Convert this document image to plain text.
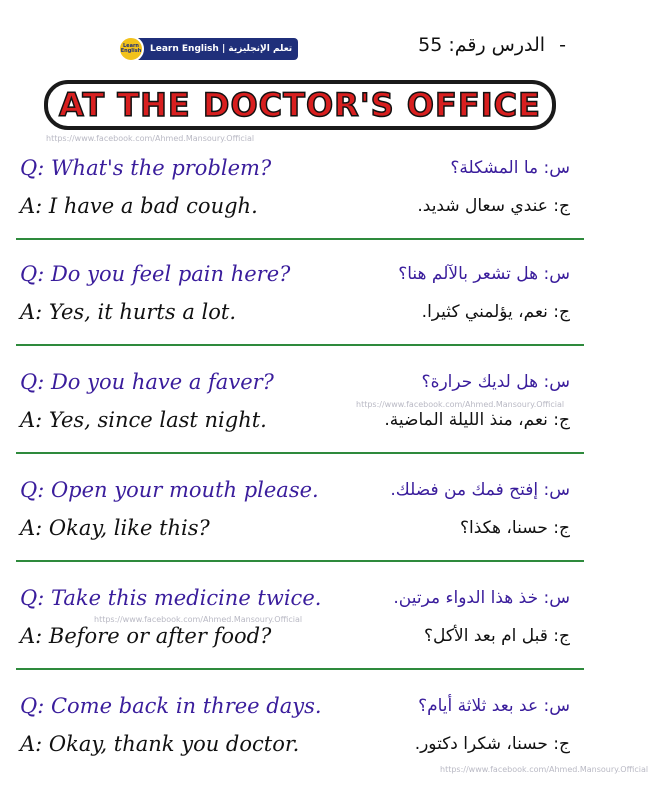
- الدرس رقم: 55
Learn English Learn English | تعلم الإنجليزية
AT THE DOCTOR'S OFFICE
https://www.facebook.com/Ahmed.Mansoury.Official
https://www.facebook.com/Ahmed.Mansoury.Official
https://www.facebook.com/Ahmed.Mansoury.Official
https://www.facebook.com/Ahmed.Mansoury.Official
Q: What's the problem?	س: ما المشكلة؟
A: I have a bad cough.	ج: عندي سعال شديد.
Q: Do you feel pain here?	س: هل تشعر بالآلم هنا؟
A: Yes, it hurts a lot.	ج: نعم، يؤلمني كثيرا.
Q: Do you have a faver?	س: هل لديك حرارة؟
A: Yes, since last night.	ج: نعم، منذ الليلة الماضية.
Q: Open your mouth please.	س: إفتح فمك من فضلك.
A: Okay, like this?	ج: حسنا، هكذا؟
Q: Take this medicine twice.	س: خذ هذا الدواء مرتين.
A: Before or after food?	ج: قبل ام بعد الأكل؟
Q: Come back in three days.	س: عد بعد ثلاثة أيام؟
A: Okay, thank you doctor.	ج: حسنا، شكرا دكتور.
